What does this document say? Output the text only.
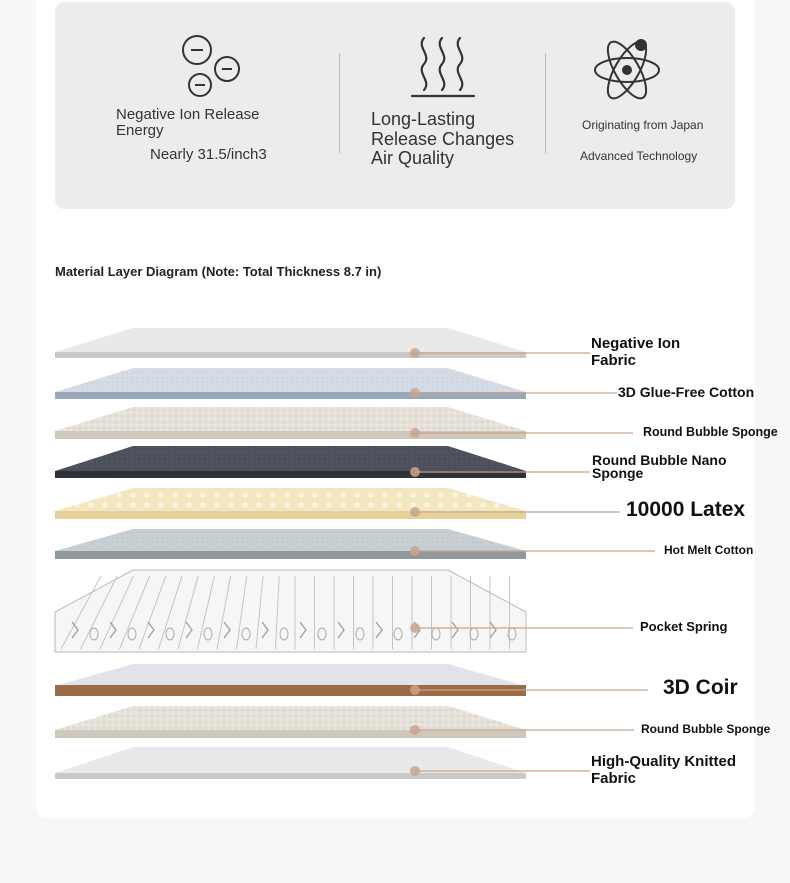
Negative Ion Release Energy
Nearly 31.5/inch3
Long-Lasting Release Changes Air Quality
Originating from Japan
Advanced Technology
Material Layer Diagram (Note: Total Thickness 8.7 in)
Negative Ion Fabric
3D Glue-Free Cotton
Round Bubble Sponge
Round Bubble Nano Sponge
10000 Latex
Hot Melt Cotton
Pocket Spring
3D Coir
Round Bubble Sponge
High-Quality Knitted Fabric
